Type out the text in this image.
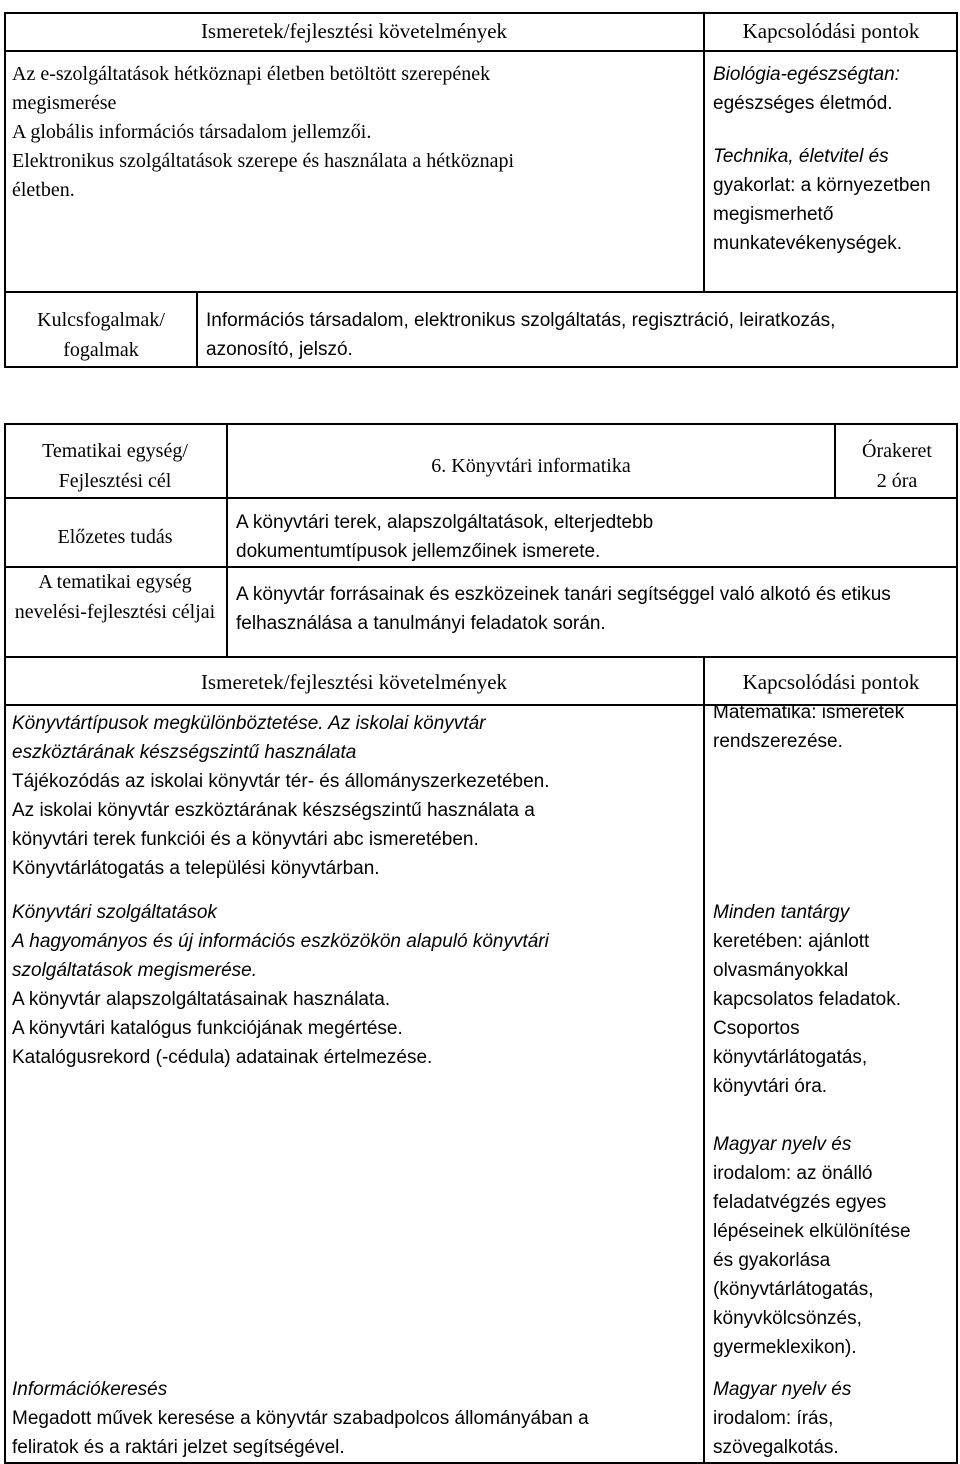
Ismeretek/fejlesztési követelmények	Kapcsolódási pontok

Az e-szolgáltatások hétköznapi életben betöltött szerepének

megismerése

A globális információs társadalom jellemzői.

Elektronikus szolgáltatások szerepe és használata a hétköznapi

életben.

Biológia-egészségtan:

egészséges életmód.

Technika, életvitel és

gyakorlat: a környezetben megismerhető munkatevékenységek.

Kulcsfogalmak/ fogalmak
Információs társadalom, elektronikus szolgáltatás, regisztráció, leiratkozás, azonosító, jelszó.
Tematikai egység/ Fejlesztési cél
6. Könyvtári informatika
Órakeret
2 óra
Előzetes tudás
A könyvtári terek, alapszolgáltatások, elterjedtebb dokumentumtípusok jellemzőinek ismerete.
A tematikai egység nevelési-fejlesztési céljai
A könyvtár forrásainak és eszközeinek tanári segítséggel való alkotó és etikus felhasználása a tanulmányi feladatok során.
Ismeretek/fejlesztési követelmények	Kapcsolódási pontok

Könyvtártípusok megkülönböztetése. Az iskolai könyvtár

eszköztárának készségszintű használata

Tájékozódás az iskolai könyvtár tér- és állományszerkezetében.

Az iskolai könyvtár eszköztárának készségszintű használata a

könyvtári terek funkciói és a könyvtári abc ismeretében.

Könyvtárlátogatás a települési könyvtárban.

Könyvtári szolgáltatások

A hagyományos és új információs eszközökön alapuló könyvtári

szolgáltatások megismerése.

A könyvtár alapszolgáltatásainak használata.

A könyvtári katalógus funkciójának megértése.

Katalógusrekord (-cédula) adatainak értelmezése.

Információkeresés

Megadott művek keresése a könyvtár szabadpolcos állományában a

feliratok és a raktári jelzet segítségével.

Matematika: ismeretek

rendszerezése.

Minden tantárgy

keretében: ajánlott

olvasmányokkal

kapcsolatos feladatok.

Csoportos

könyvtárlátogatás,

könyvtári óra.

Magyar nyelv és

irodalom: az önálló

feladatvégzés egyes

lépéseinek elkülönítése

és gyakorlása

(könyvtárlátogatás,

könyvkölcsönzés,

gyermeklexikon).

Magyar nyelv és

irodalom: írás,

szövegalkotás.
